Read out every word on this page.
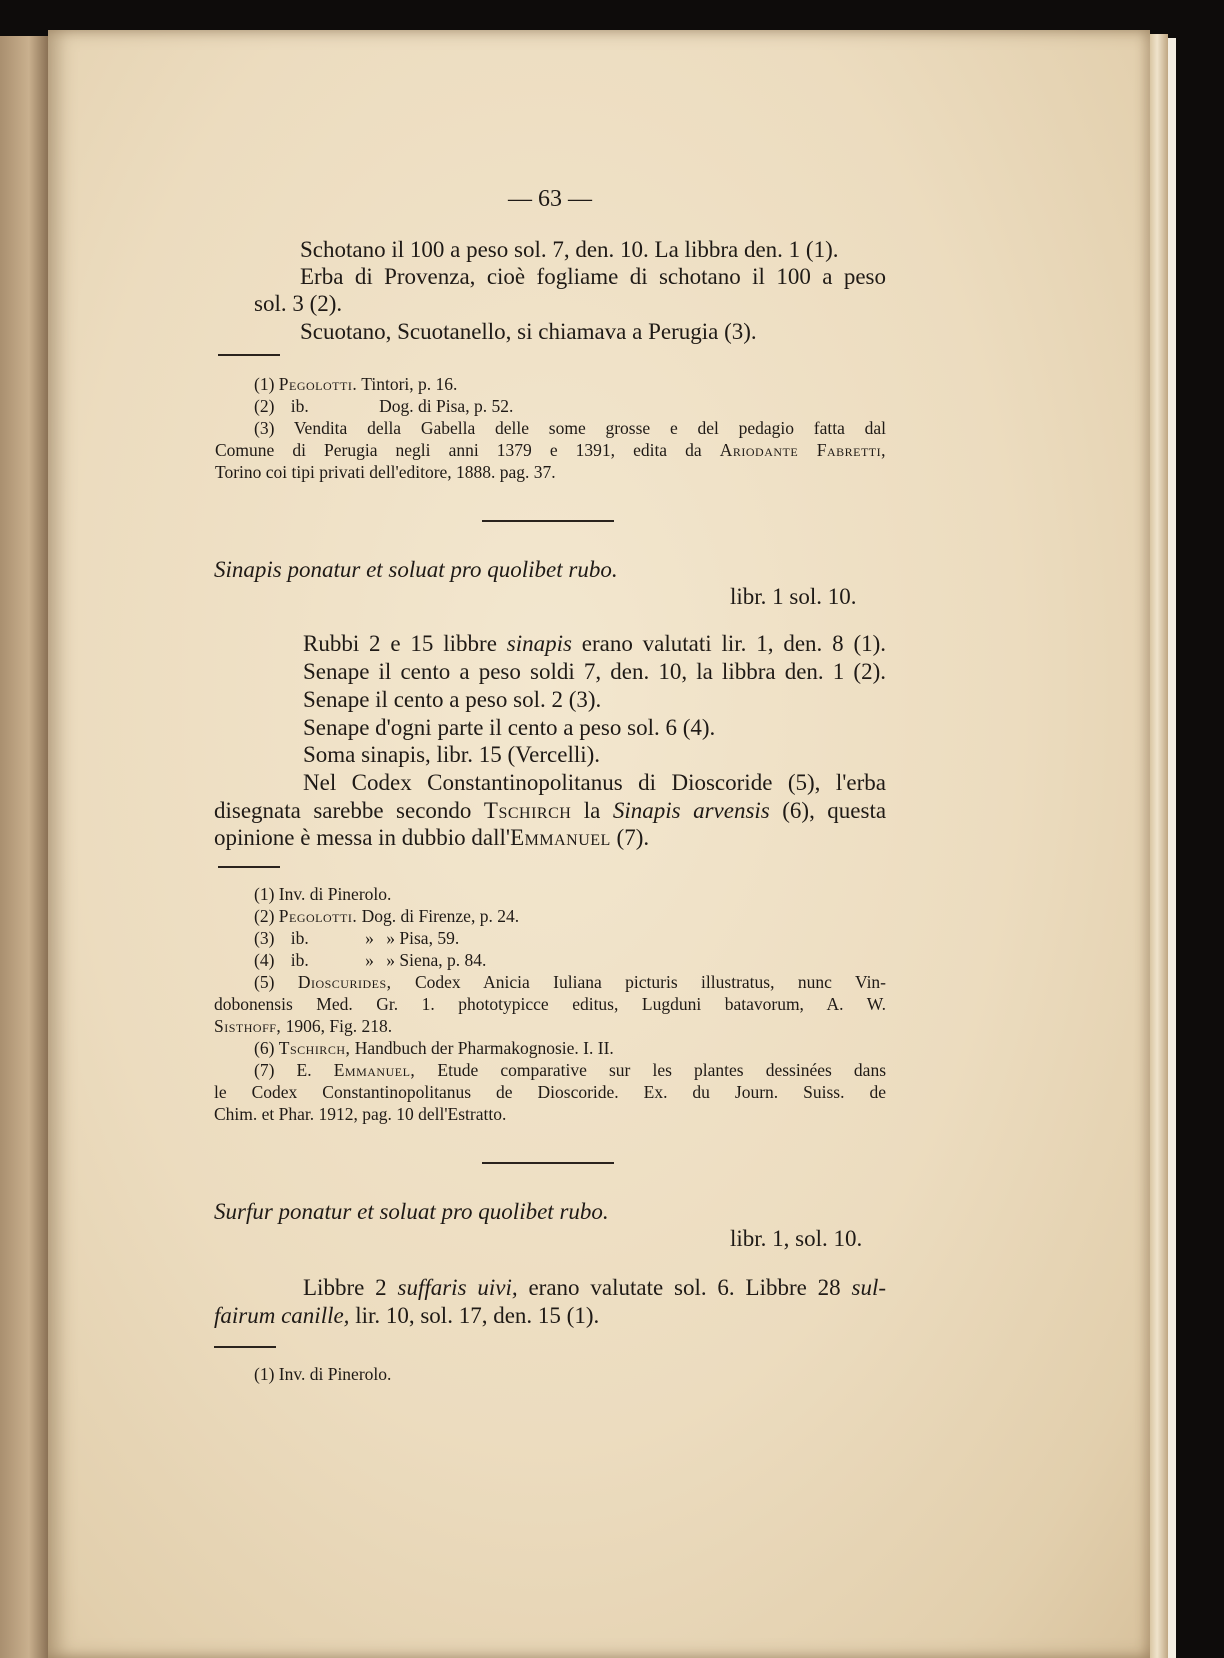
— 63 —
Schotano il 100 a peso sol. 7, den. 10. La libbra den. 1 (1).
Erba di Provenza, cioè fogliame di schotano il 100 a peso
sol. 3 (2).
Scuotano, Scuotanello, si chiamava a Perugia (3).
(1) Pegolotti. Tintori, p. 16.
(2) ib.	Dog. di Pisa, p. 52.
(3) Vendita della Gabella delle some grosse e del pedagio fatta dal
Comune di Perugia negli anni 1379 e 1391, edita da Ariodante Fabretti,
Torino coi tipi privati dell'editore, 1888. pag. 37.
Sinapis ponatur et soluat pro quolibet rubo.
libr. 1 sol. 10.
Rubbi 2 e 15 libbre sinapis erano valutati lir. 1, den. 8 (1).
Senape il cento a peso soldi 7, den. 10, la libbra den. 1 (2).
Senape il cento a peso sol. 2 (3).
Senape d'ogni parte il cento a peso sol. 6 (4).
Soma sinapis, libr. 15 (Vercelli).
Nel Codex Constantinopolitanus di Dioscoride (5), l'erba
disegnata sarebbe secondo Tschirch la Sinapis arvensis (6), questa
opinione è messa in dubbio dall'Emmanuel (7).
(1) Inv. di Pinerolo.
(2) Pegolotti. Dog. di Firenze, p. 24.
(3) ib.	» » Pisa, 59.
(4) ib.	» » Siena, p. 84.
(5) Dioscurides, Codex Anicia Iuliana picturis illustratus, nunc Vin-
dobonensis Med. Gr. 1. phototypicce editus, Lugduni batavorum, A. W.
Sisthoff, 1906, Fig. 218.
(6) Tschirch, Handbuch der Pharmakognosie. I. II.
(7) E. Emmanuel, Etude comparative sur les plantes dessinées dans
le Codex Constantinopolitanus de Dioscoride. Ex. du Journ. Suiss. de
Chim. et Phar. 1912, pag. 10 dell'Estratto.
Surfur ponatur et soluat pro quolibet rubo.
libr. 1, sol. 10.
Libbre 2 suffaris uivi, erano valutate sol. 6. Libbre 28 sul-
fairum canille, lir. 10, sol. 17, den. 15 (1).
(1) Inv. di Pinerolo.
